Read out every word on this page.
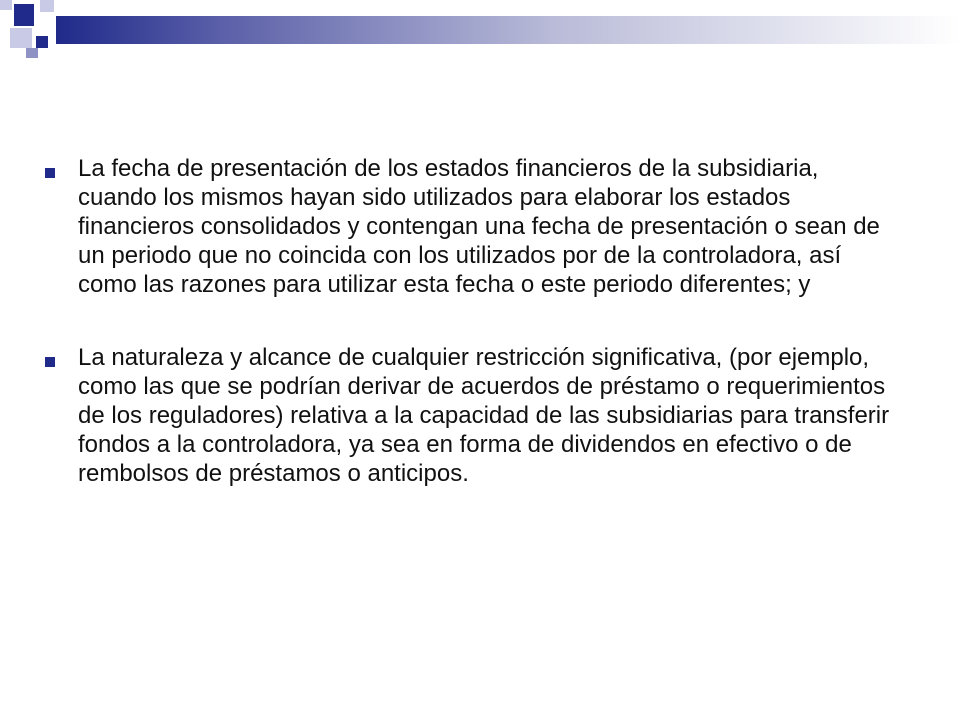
La fecha de presentación de los estados financieros de la subsidiaria, cuando los mismos hayan sido utilizados para elaborar los estados financieros consolidados y contengan una fecha de presentación o sean de un periodo que no coincida con los utilizados por de la controladora, así como las razones para utilizar esta fecha o este periodo diferentes; y

La naturaleza y alcance de cualquier restricción significativa, (por ejemplo, como las que se podrían derivar de acuerdos de préstamo o requerimientos de los reguladores) relativa a la capacidad de las subsidiarias para transferir fondos a la controladora, ya sea en forma de dividendos en efectivo o de rembolsos de préstamos o anticipos.
